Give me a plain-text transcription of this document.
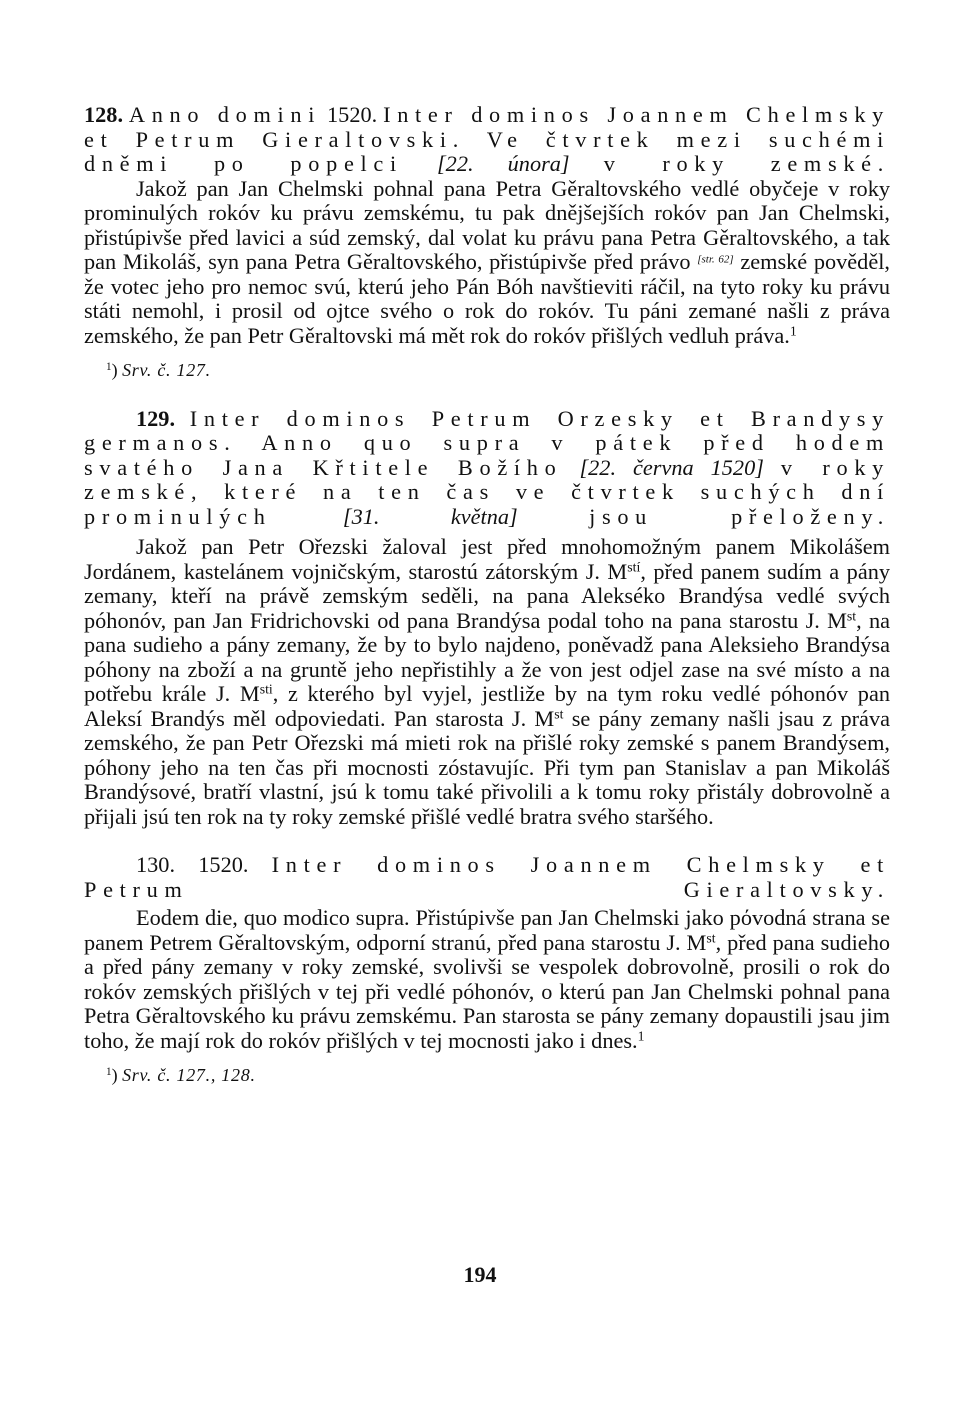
128. Anno domini 1520. Inter dominos Joannem Chelmsky et Petrum Gieraltovski. Ve čtvrtek mezi suchémi dněmi po popelci [22. února] v roky zemské.

Jakož pan Jan Chelmski pohnal pana Petra Gěraltovského vedlé obyčeje v roky prominulých rokóv ku právu zemskému, tu pak dnějšejších rokóv pan Jan Chelmski, přistúpivše před lavici a súd zemský, dal volat ku právu pana Petra Gěraltovského, a tak pan Mikoláš, syn pana Petra Gěraltovského, přistúpivše před právo [str. 62] zemské pověděl, že votec jeho pro nemoc svú, kterú jeho Pán Bóh navštieviti ráčil, na tyto roky ku právu státi nemohl, i prosil od ojtce svého o rok do rokóv. Tu páni zemané našli z práva zemského, že pan Petr Gěraltovski má mět rok do rokóv přišlých vedluh práva.$^1$

$^1$) Srv. č. 127.
129. Inter dominos Petrum Orzesky et Brandysy germanos. Anno quo supra v pátek před hodem svatého Jana Křtitele Božího [22. června 1520] v roky zemské, které na ten čas ve čtvrtek suchých dní prominulých	[31. května]	jsou přeloženy.

Jakož pan Petr Ořezski žaloval jest před mnohomožným panem Mikolášem Jordánem, kastelánem vojničským, starostú zátorským J. $M^{stí}$, před panem sudím a pány zemany, kteří na právě zemským seděli, na pana Alekséko Brandýsa vedlé svých póhonóv, pan Jan Fridrichovski od pana Brandýsa podal toho na pana starostu J. Mst, na pana sudieho a pány zemany, že by to bylo najdeno, poněvadž pana Aleksieho Brandýsa póhony na zboží a na gruntě jeho nepřistihly a že von jest odjel zase na své místo a na potřebu krále J. $M^{sti}$, z kterého byl vyjel, jestliže by na tym roku vedlé póhonóv pan Aleksí Brandýs měl odpoviedati. Pan starosta J. Mst se pány zemany našli jsau z práva zemského, že pan Petr Ořezski má mieti rok na přišlé roky zemské s panem Brandýsem, póhony jeho na ten čas při mocnosti zóstavujíc. Při tym pan Stanislav a pan Mikoláš Brandýsové, bratří vlastní, jsú k tomu také přivolili a k tomu roky přistály dobrovolně a přijali jsú ten rok na ty roky zemské přišlé vedlé bratra svého staršého.

130. 1520. Inter dominos Joannem Chelmsky et Petrum Gieraltovsky.

Eodem die, quo modico supra. Přistúpivše pan Jan Chelmski jako pόvodná strana se panem Petrem Gěraltovským, odporní stranú, před pana starostu J. Mst, před pana sudieho a před pány zemany v roky zemské, svolivši se vespolek dobrovolně, prosili o rok do rokóv zemských přišlých v tej při vedlé póhonóv, o kterú pan Jan Chelmski pohnal pana Petra Gěraltovského ku právu zemskému. Pan starosta se pány zemany dopaustili jsau jim toho, že mají rok do rokóv přišlých v tej mocnosti jako i dnes.$^1$

$^1$) Srv. č. 127., 128.
194
